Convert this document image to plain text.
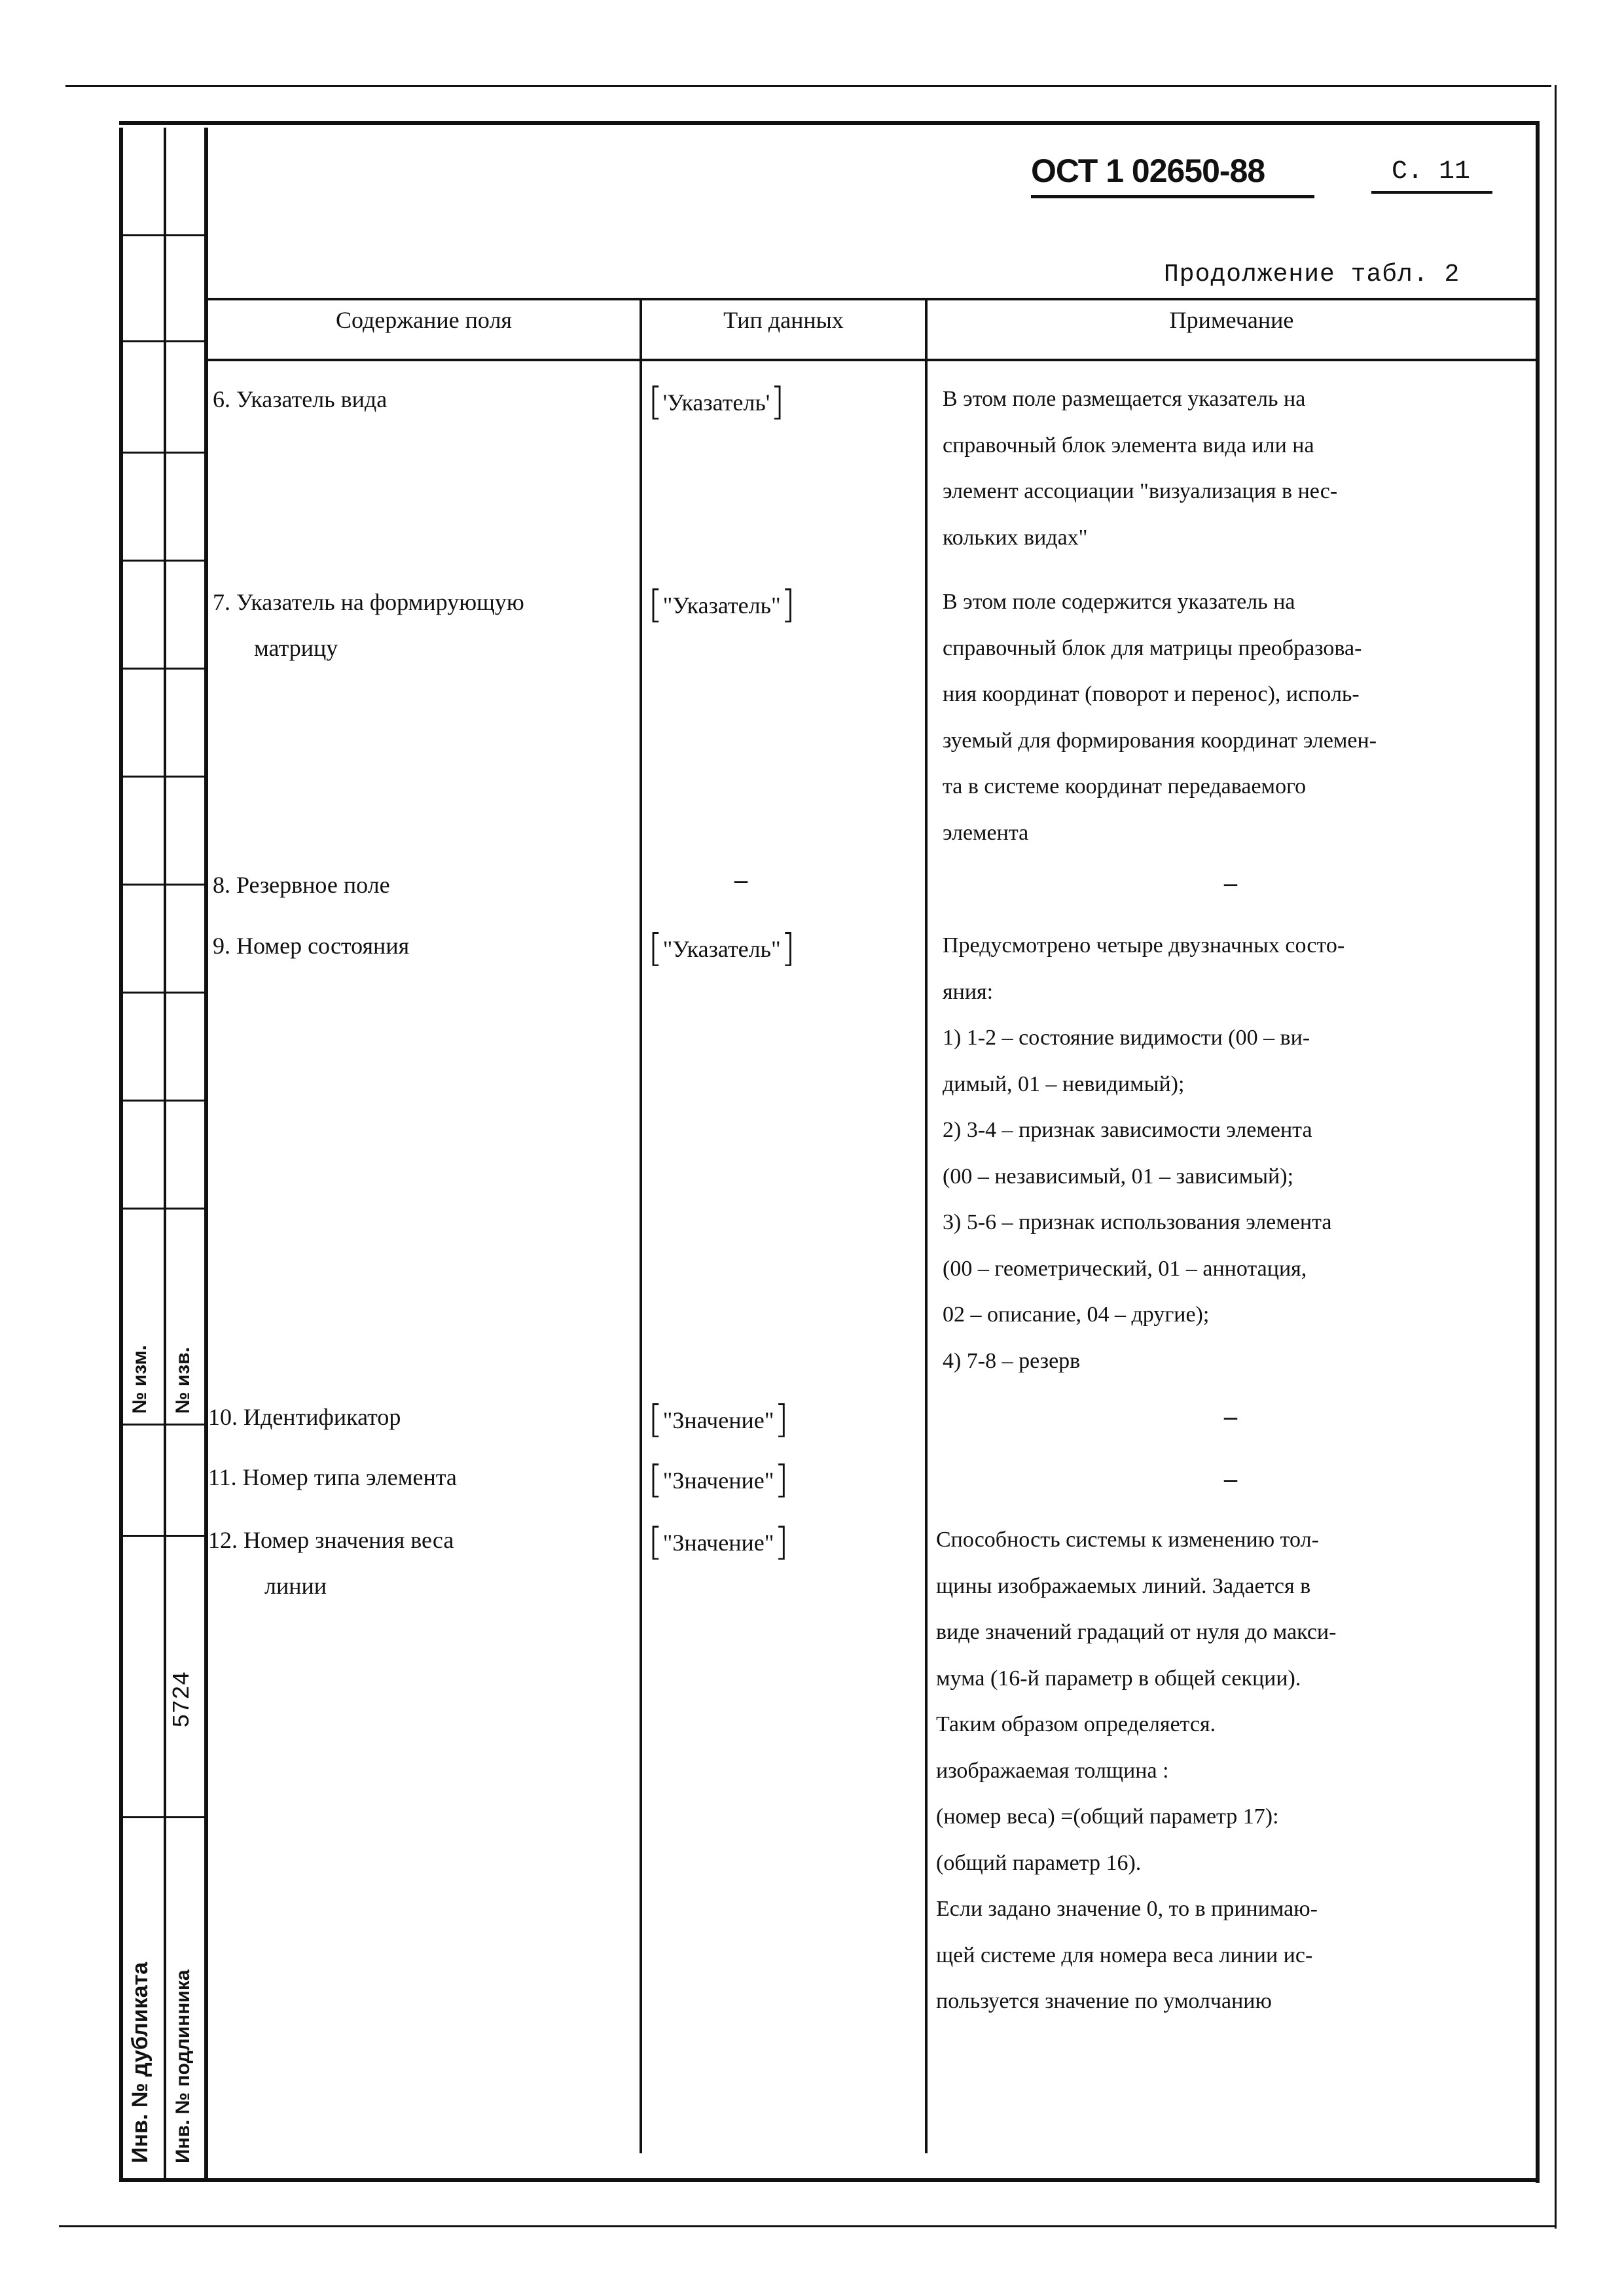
№ изм. № изв.
5724
Инв. № дубликата Инв. № подлинника
ОСТ 1 02650-88	С. 11
Продолжение табл. 2
Содержание поля	Тип данных	Примечание
6. Указатель вида	['Указатель']	В этом поле размещается указатель на
справочный блок элемента вида или на
элемент ассоциации "визуализация в нес-
кольких видах"
7. Указатель на формирующую
матрицу
["Указатель"]	В этом поле содержится указатель на
справочный блок для матрицы преобразова-
ния координат (поворот и перенос), исполь-
зуемый для формирования координат элемен-
та в системе координат передаваемого
элемента
8. Резервное поле	–	–
9. Номер состояния	["Указатель"]	Предусмотрено четыре двузначных состо-
яния:
1) 1-2 – состояние видимости (00 – ви-
димый, 01 – невидимый);
2) 3-4 – признак зависимости элемента
(00 – независимый, 01 – зависимый);
3) 5-6 – признак использования элемента
(00 – геометрический, 01 – аннотация,
02 – описание, 04 – другие);
4) 7-8 – резерв
10. Идентификатор	["Значение"]	–
11. Номер типа элемента	["Значение"]	–
12. Номер значения веса
линии
["Значение"]	Способность системы к изменению тол-
щины изображаемых линий. Задается в
виде значений градаций от нуля до макси-
мума (16-й параметр в общей секции).
Таким образом определяется.
изображаемая толщина :
(номер веса) =(общий параметр 17):
(общий параметр 16).
Если задано значение 0, то в принимаю-
щей системе для номера веса линии ис-
пользуется значение по умолчанию
